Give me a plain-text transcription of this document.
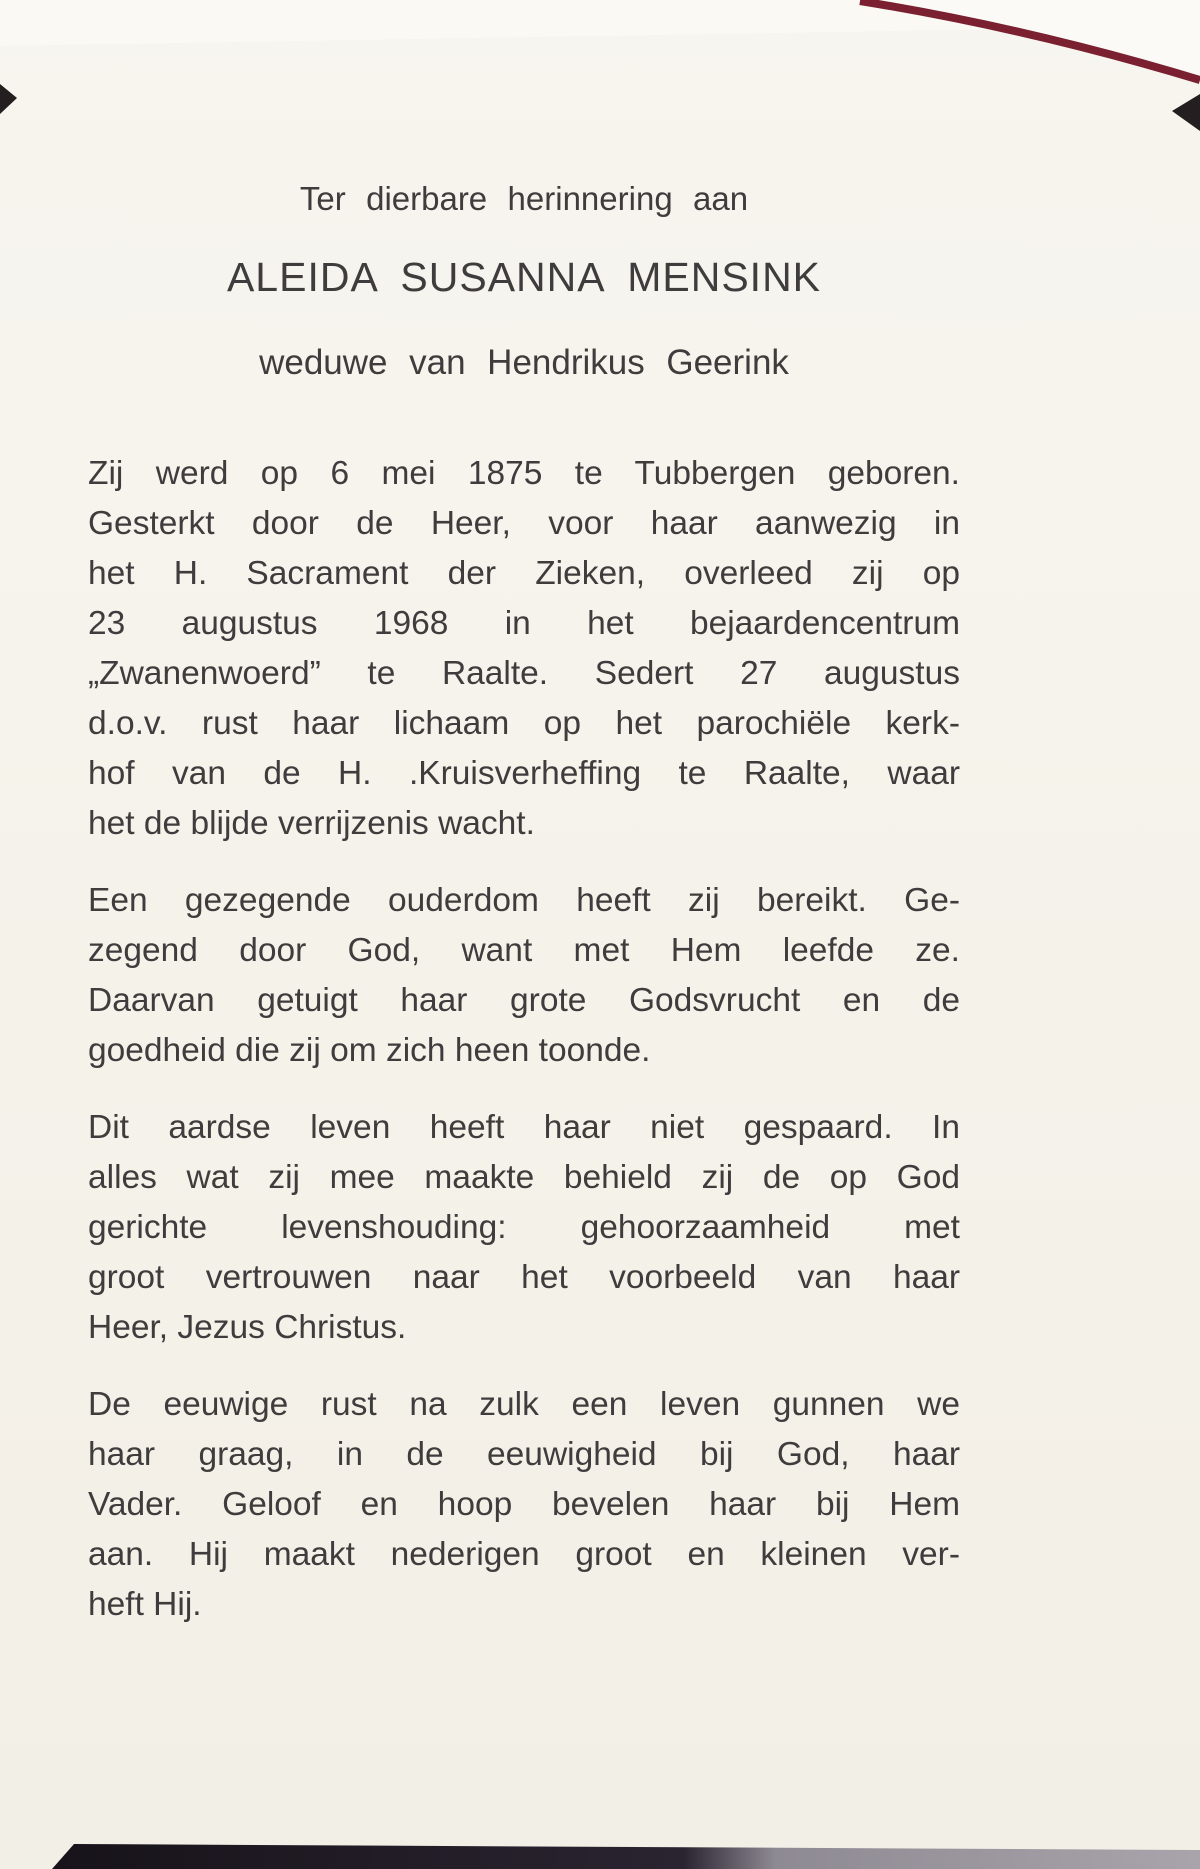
Ter dierbare herinnering aan
ALEIDA SUSANNA MENSINK
weduwe van Hendrikus Geerink
Zij werd op 6 mei 1875 te Tubbergen geboren.
Gesterkt door de Heer, voor haar aanwezig in
het H. Sacrament der Zieken, overleed zij op
23 augustus 1968 in het bejaardencentrum
„Zwanenwoerd” te Raalte. Sedert 27 augustus
d.o.v. rust haar lichaam op het parochiële kerk-
hof van de H. .Kruisverheffing te Raalte, waar
het de blijde verrijzenis wacht.
Een gezegende ouderdom heeft zij bereikt. Ge-
zegend door God, want met Hem leefde ze.
Daarvan getuigt haar grote Godsvrucht en de
goedheid die zij om zich heen toonde.
Dit aardse leven heeft haar niet gespaard. In
alles wat zij mee maakte behield zij de op God
gerichte levenshouding: gehoorzaamheid met
groot vertrouwen naar het voorbeeld van haar
Heer, Jezus Christus.
De eeuwige rust na zulk een leven gunnen we
haar graag, in de eeuwigheid bij God, haar
Vader. Geloof en hoop bevelen haar bij Hem
aan. Hij maakt nederigen groot en kleinen ver-
heft Hij.
